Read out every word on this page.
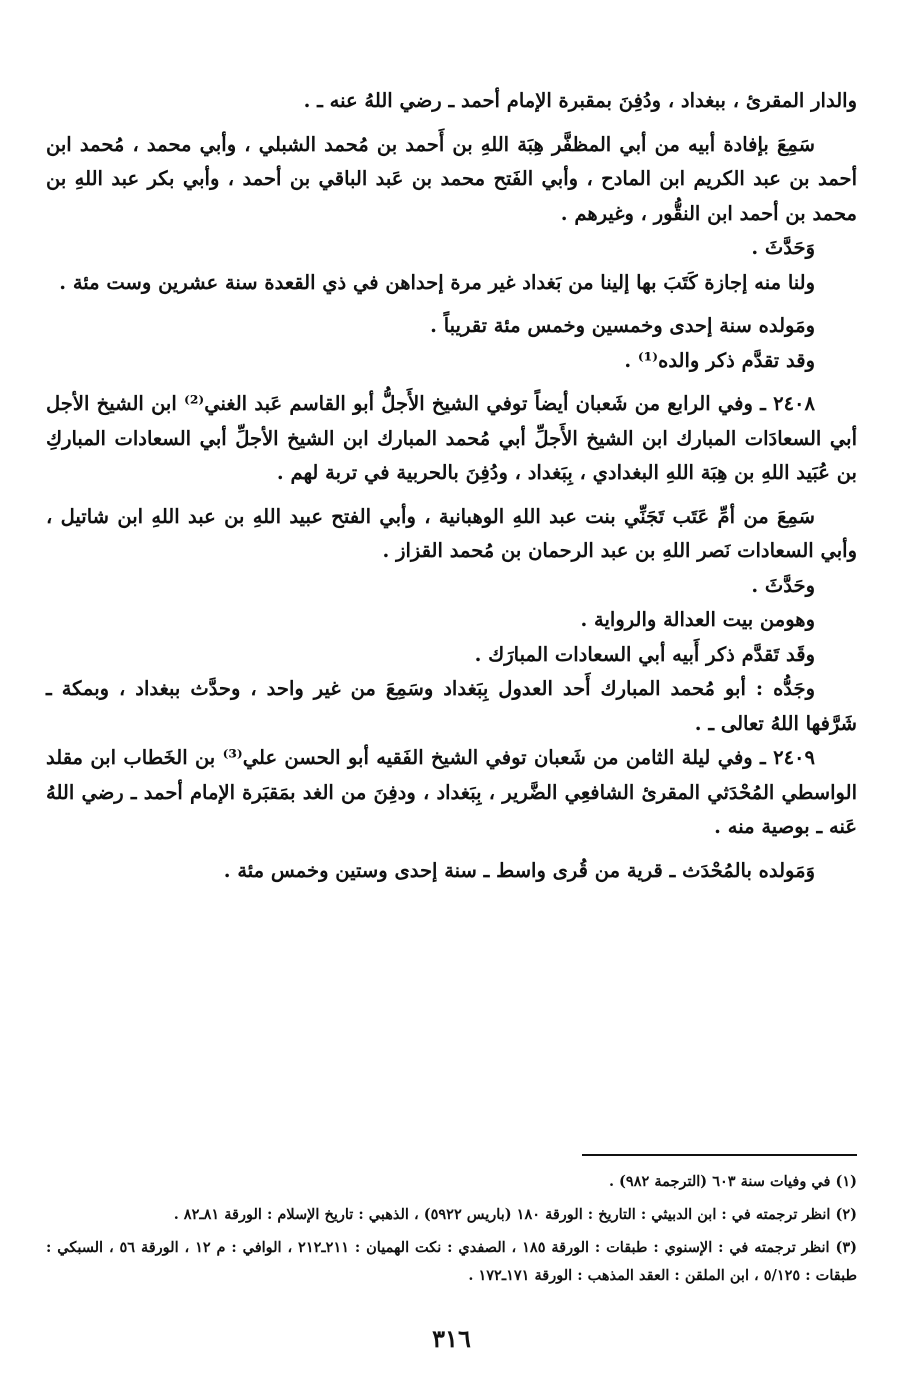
والدار المقرئ ، ببغداد ، ودُفِنَ بمقبرة الإمام أحمد ـ رضي اللهُ عنه ـ .

سَمِعَ بإفادة أبيه من أبي المظفَّر هِبَة اللهِ بن أَحمد بن مُحمد الشبلي ، وأبي محمد ، مُحمد ابن أحمد بن عبد الكريم ابن المادح ، وأبي الفَتح محمد بن عَبد الباقي بن أحمد ، وأبي بكر عبد اللهِ بن محمد بن أحمد ابن النقُّور ، وغيرهم .

وَحَدَّثَ .

ولنا منه إجازة كَتَبَ بها إلينا من بَغداد غير مرة إحداهن في ذي القعدة سنة عشرين وست مئة .

ومَولده سنة إحدى وخمسين وخمس مئة تقريباً .

وقد تقدَّم ذكر والده⁽¹⁾ .

٢٤٠٨ ـ وفي الرابع من شَعبان أيضاً توفي الشيخ الأَجلُّ أبو القاسم عَبد الغني⁽²⁾ ابن الشيخ الأجل أبي السعادَات المبارك ابن الشيخ الأَجلِّ أبي مُحمد المبارك ابن الشيخ الأجلِّ أبي السعادات المباركِ بن عُبَيد اللهِ بن هِبَة اللهِ البغدادي ، بِبَغداد ، ودُفِنَ بالحربية في تربة لهم .

سَمِعَ من أمِّ عَتَب تَجَنِّي بنت عبد اللهِ الوهبانية ، وأبي الفتح عبيد اللهِ بن عبد اللهِ ابن شاتيل ، وأبي السعادات نَصر اللهِ بن عبد الرحمان بن مُحمد القزاز .

وحَدَّثَ .

وهومن بيت العدالة والرواية .

وقَد تَقدَّم ذكر أَبيه أبي السعادات المبارَك .

وجَدُّه : أبو مُحمد المبارك أَحد العدول بِبَغداد وسَمِعَ من غير واحد ، وحدَّث ببغداد ، وبمكة ـ شَرَّفها اللهُ تعالى ـ .

٢٤٠٩ ـ وفي ليلة الثامن من شَعبان توفي الشيخ الفَقيه أبو الحسن علي⁽³⁾ بن الخَطاب ابن مقلد الواسطي المُحْدَثي المقرئ الشافعِي الضَّرير ، بِبَغداد ، ودفِنَ من الغد بمَقبَرة الإمام أحمد ـ رضي اللهُ عَنه ـ بوصية منه .

وَمَولده بالمُحْدَث ـ قرية من قُرى واسط ـ سنة إحدى وستين وخمس مئة .

(١) في وفيات سنة ٦٠٣ (الترجمة ٩٨٢) .

(٢) انظر ترجمته في : ابن الدبيثي : التاريخ : الورقة ١٨٠ (باريس ٥٩٢٢) ، الذهبي : تاريخ الإسلام : الورقة ٨١ـ٨٢ .

(٣) انظر ترجمته في : الإسنوي : طبقات : الورقة ١٨٥ ، الصفدي : نكت الهميان : ٢١١ـ٢١٢ ، الوافي : م ١٢ ، الورقة ٥٦ ، السبكي : طبقات : ٥/١٢٥ ، ابن الملقن : العقد المذهب : الورقة ١٧١ـ١٧٢ .

٣١٦
